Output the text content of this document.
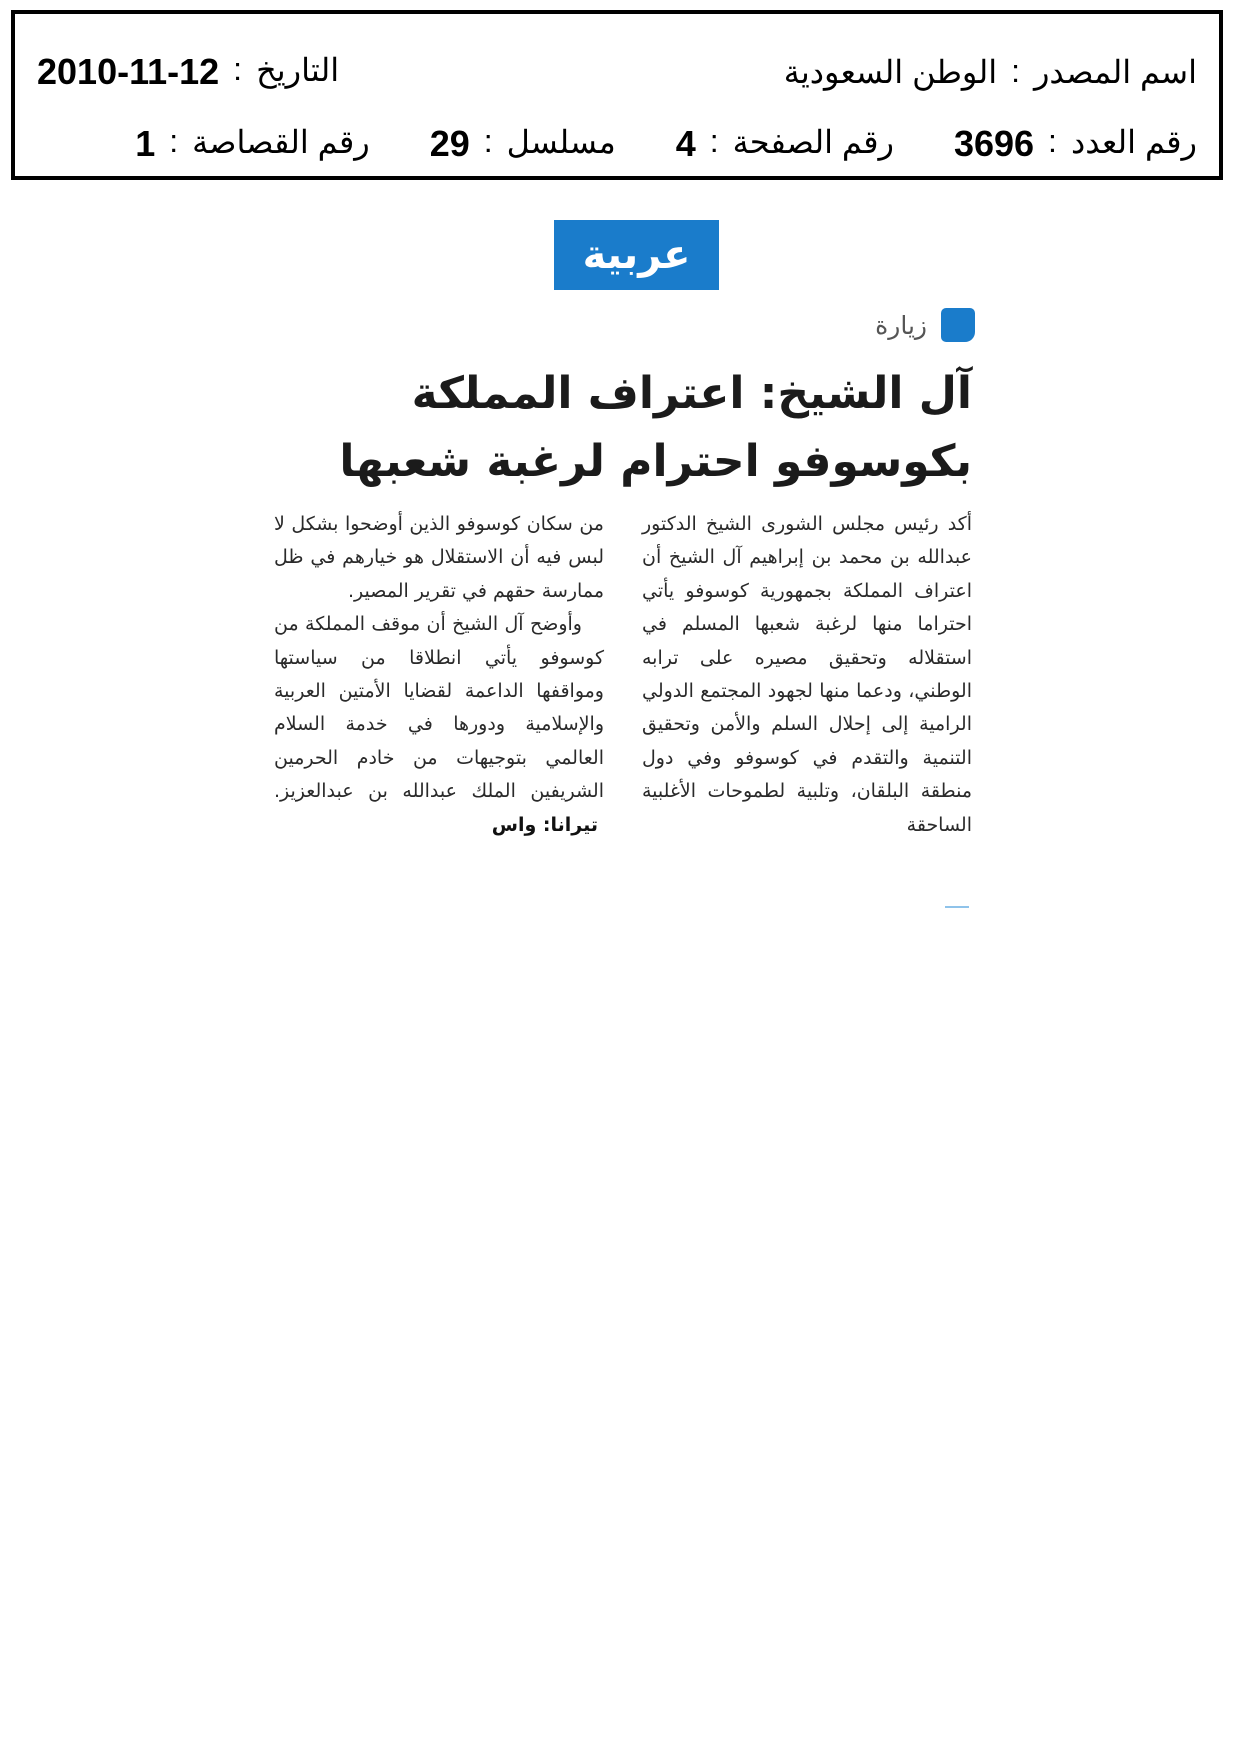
اسم المصدر
:
الوطن السعودية
التاريخ
:
2010-11-12
رقم العدد
:
3696
رقم الصفحة
:
4
مسلسل
:
29
رقم القصاصة
:
1
عربية
زيارة
آل الشيخ: اعتراف المملكة
بكوسوفو احترام لرغبة شعبها

أكد رئيس مجلس الشورى الشيخ الدكتور عبدالله بن محمد بن إبراهيم آل الشيخ أن اعتراف المملكة بجمهورية كوسوفو يأتي احتراما منها لرغبة شعبها المسلم في استقلاله وتحقيق مصيره على ترابه الوطني، ودعما منها لجهود المجتمع الدولي الرامية إلى إحلال السلم والأمن وتحقيق التنمية والتقدم في كوسوفو وفي دول منطقة البلقان، وتلبية لطموحات الأغلبية الساحقة

من سكان كوسوفو الذين أوضحوا بشكل لا لبس فيه أن الاستقلال هو خيارهم في ظل ممارسة حقهم في تقرير المصير.

وأوضح آل الشيخ أن موقف المملكة من كوسوفو يأتي انطلاقا من سياستها ومواقفها الداعمة لقضايا الأمتين العربية والإسلامية ودورها في خدمة السلام العالمي بتوجيهات من خادم الحرمين الشريفين الملك عبدالله بن عبدالعزيز. تيرانا: واس
